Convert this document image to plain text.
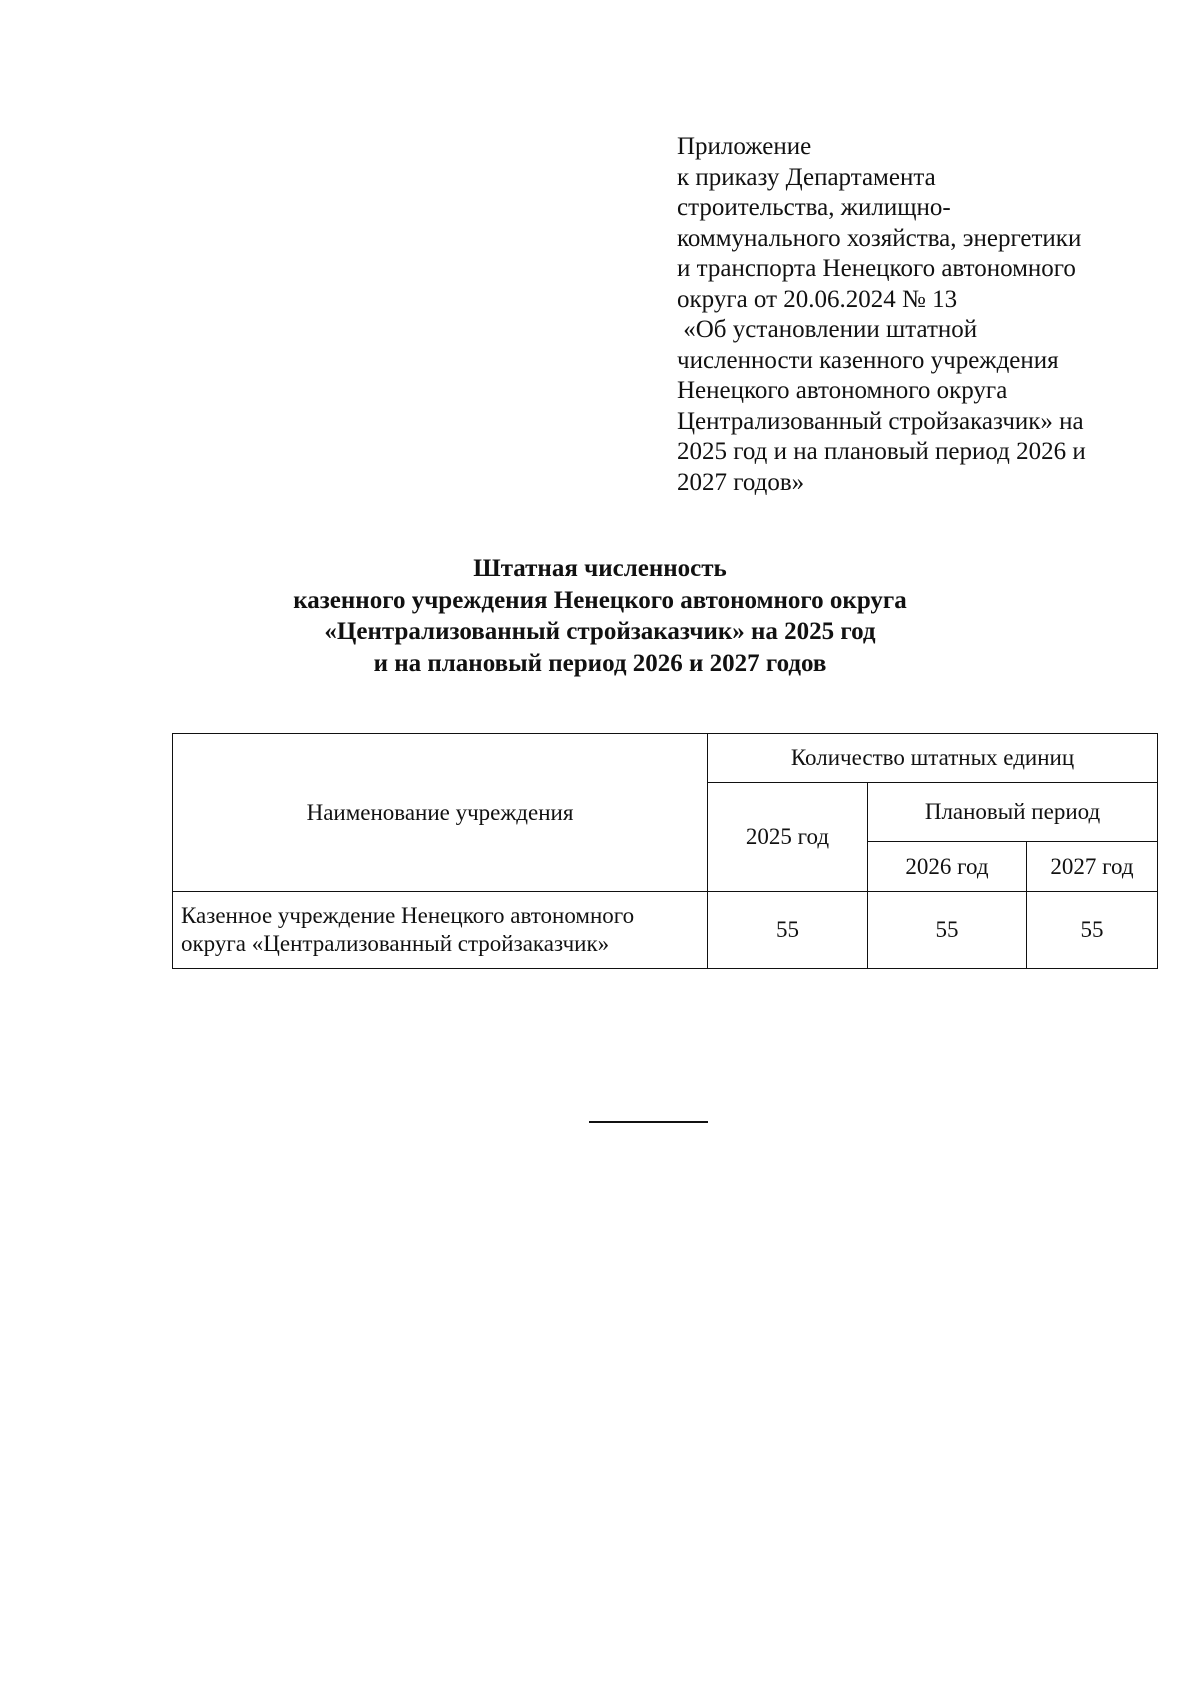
Приложение
к приказу Департамента
строительства, жилищно-
коммунального хозяйства, энергетики
и транспорта Ненецкого автономного
округа от 20.06.2024 № 13
«Об установлении штатной
численности казенного учреждения
Ненецкого автономного округа
Централизованный стройзаказчик» на
2025 год и на плановый период 2026 и
2027 годов»
Штатная численность
казенного учреждения Ненецкого автономного округа
«Централизованный стройзаказчик» на 2025 год
и на плановый период 2026 и 2027 годов
Наименование учреждения	Количество штатных единиц		
	2025 год	Плановый период	
		2026 год	2027 год

Казенное учреждение Ненецкого автономного
округа «Централизованный стройзаказчик»	55	55	55
